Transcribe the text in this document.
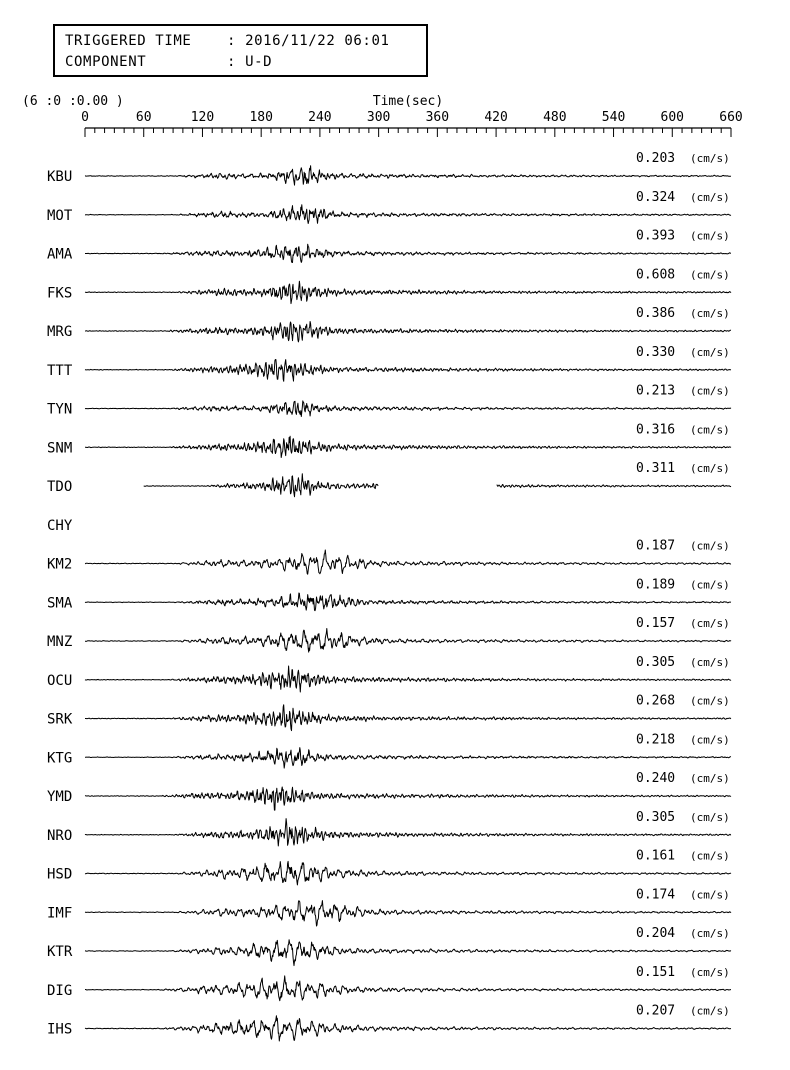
TRIGGERED TIME	: 2016/11/22 06:01
COMPONENT	: U-D
(6 :0 :0.00 )	Time(sec)
0	60	120	180	240	300	360	420	480	540	600	660
KBU
0.203 (cm/s)
MOT
0.324 (cm/s)
AMA
0.393 (cm/s)
FKS
0.608 (cm/s)
MRG
0.386 (cm/s)
TTT
0.330 (cm/s)
TYN
0.213 (cm/s)
SNM
0.316 (cm/s)
TDO
0.311 (cm/s)
CHY
KM2
0.187 (cm/s)
SMA
0.189 (cm/s)
MNZ
0.157 (cm/s)
OCU
0.305 (cm/s)
SRK
0.268 (cm/s)
KTG
0.218 (cm/s)
YMD
0.240 (cm/s)
NRO
0.305 (cm/s)
HSD
0.161 (cm/s)
IMF
0.174 (cm/s)
KTR
0.204 (cm/s)
DIG
0.151 (cm/s)
IHS
0.207 (cm/s)
